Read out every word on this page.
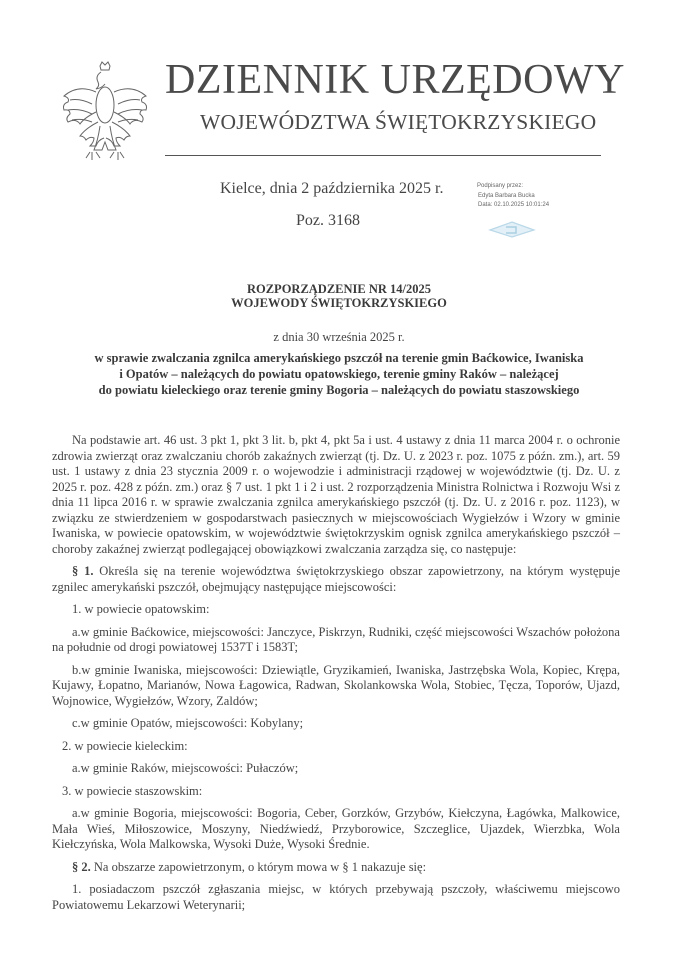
DZIENNIK URZĘDOWY
WOJEWÓDZTWA ŚWIĘTOKRZYSKIEGO
Kielce, dnia 2 października 2025 r.
Poz. 3168
Podpisany przez:
Edyta Barbara Bucka
Data: 02.10.2025 10:01:24
ROZPORZĄDZENIE NR 14/2025
WOJEWODY ŚWIĘTOKRZYSKIEGO
z dnia 30 września 2025 r.
w sprawie zwalczania zgnilca amerykańskiego pszczół na terenie gmin Baćkowice, Iwaniska
i Opatów – należących do powiatu opatowskiego, terenie gminy Raków – należącej
do powiatu kieleckiego oraz terenie gminy Bogoria – należących do powiatu staszowskiego

Na podstawie art. 46 ust. 3 pkt 1, pkt 3 lit. b, pkt 4, pkt 5a i ust. 4 ustawy z dnia 11 marca 2004 r. o ochronie zdrowia zwierząt oraz zwalczaniu chorób zakaźnych zwierząt (tj. Dz. U. z 2023 r. poz. 1075 z późn. zm.), art. 59 ust. 1 ustawy z dnia 23 stycznia 2009 r. o wojewodzie i administracji rządowej w województwie (tj. Dz. U. z 2025 r. poz. 428 z późn. zm.) oraz § 7 ust. 1 pkt 1 i 2 i ust. 2 rozporządzenia Ministra Rolnictwa i Rozwoju Wsi z dnia 11 lipca 2016 r. w sprawie zwalczania zgnilca amerykańskiego pszczół (tj. Dz. U. z 2016 r. poz. 1123), w związku ze stwierdzeniem w gospodarstwach pasiecznych w miejscowościach Wygiełzów i Wzory w gminie Iwaniska, w powiecie opatowskim, w województwie świętokrzyskim ognisk zgnilca amerykańskiego pszczół – choroby zakaźnej zwierząt podlegającej obowiązkowi zwalczania zarządza się, co następuje:

§ 1. Określa się na terenie województwa świętokrzyskiego obszar zapowietrzony, na którym występuje zgnilec amerykański pszczół, obejmujący następujące miejscowości:

1. w powiecie opatowskim:

a.w gminie Baćkowice, miejscowości: Janczyce, Piskrzyn, Rudniki, część miejscowości Wszachów położona na południe od drogi powiatowej 1537T i 1583T;

b.w gminie Iwaniska, miejscowości: Dziewiątle, Gryzikamień, Iwaniska, Jastrzębska Wola, Kopiec, Krępa, Kujawy, Łopatno, Marianów, Nowa Łagowica, Radwan, Skolankowska Wola, Stobiec, Tęcza, Toporów, Ujazd, Wojnowice, Wygiełzów, Wzory, Zaldów;

c.w gminie Opatów, miejscowości: Kobylany;

2. w powiecie kieleckim:

a.w gminie Raków, miejscowości: Pułaczów;

3. w powiecie staszowskim:

a.w gminie Bogoria, miejscowości: Bogoria, Ceber, Gorzków, Grzybów, Kiełczyna, Łagówka, Malkowice, Mała Wieś, Miłoszowice, Moszyny, Niedźwiedź, Przyborowice, Szczeglice, Ujazdek, Wierzbka, Wola Kiełczyńska, Wola Malkowska, Wysoki Duże, Wysoki Średnie.

§ 2. Na obszarze zapowietrzonym, o którym mowa w § 1 nakazuje się:

1. posiadaczom pszczół zgłaszania miejsc, w których przebywają pszczoły, właściwemu miejscowo Powiatowemu Lekarzowi Weterynarii;
